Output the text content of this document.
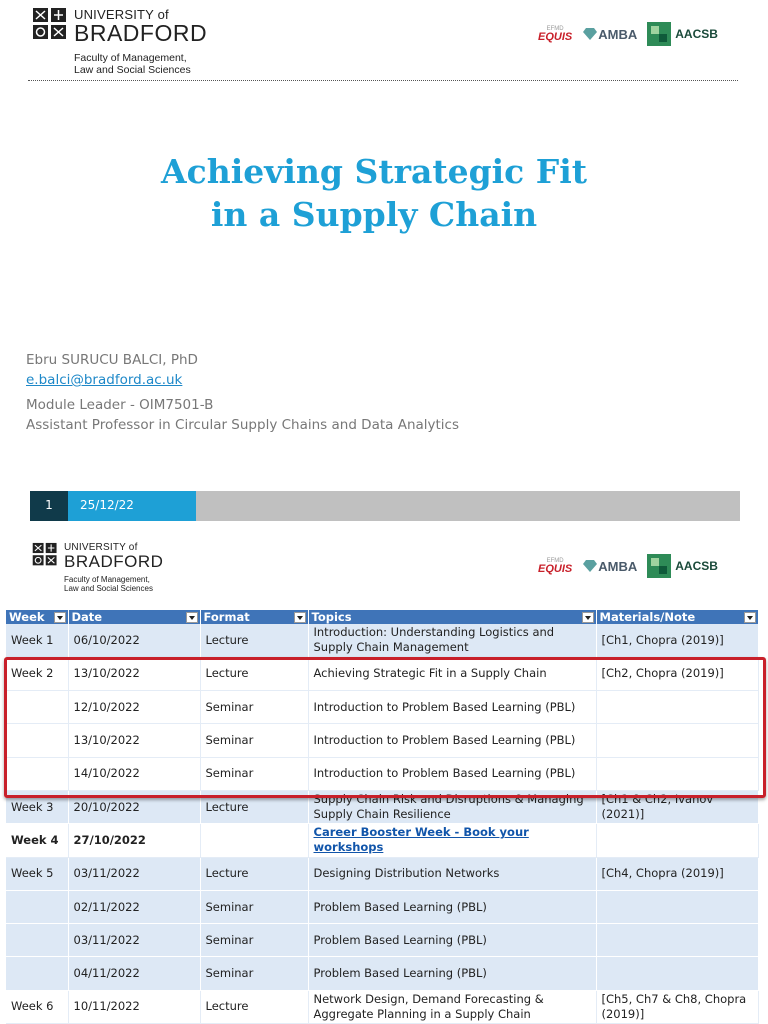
UNIVERSITY of
BRADFORD
Faculty of Management,
Law and Social Sciences
EFMD
EQUIS AMBA	AACSB
Achieving Strategic Fit
in a Supply Chain
Ebru SURUCU BALCI, PhD
e.balci@bradford.ac.uk
Module Leader - OIM7501-B
Assistant Professor in Circular Supply Chains and Data Analytics
1	25/12/22
UNIVERSITY of
BRADFORD
Faculty of Management,
Law and Social Sciences
EFMD
EQUIS AMBA	AACSB
Week	Date	Format	Topics	Materials/Note

Week 1	06/10/2022	Lecture	Introduction: Understanding Logistics and Supply Chain Management	[Ch1, Chopra (2019)]
Week 2	13/10/2022	Lecture	Achieving Strategic Fit in a Supply Chain	[Ch2, Chopra (2019)]
	12/10/2022	Seminar	Introduction to Problem Based Learning (PBL)	
	13/10/2022	Seminar	Introduction to Problem Based Learning (PBL)	
	14/10/2022	Seminar	Introduction to Problem Based Learning (PBL)	
Week 3	20/10/2022	Lecture	Supply Chain Risk and Disruptions & Managing Supply Chain Resilience	[Ch1 & Ch2, Ivanov (2021)]
Week 4	27/10/2022		Career Booster Week - Book your workshops	
Week 5	03/11/2022	Lecture	Designing Distribution Networks	[Ch4, Chopra (2019)]
	02/11/2022	Seminar	Problem Based Learning (PBL)	
	03/11/2022	Seminar	Problem Based Learning (PBL)	
	04/11/2022	Seminar	Problem Based Learning (PBL)	
Week 6	10/11/2022	Lecture	Network Design, Demand Forecasting & Aggregate Planning in a Supply Chain	[Ch5, Ch7 & Ch8, Chopra (2019)]
